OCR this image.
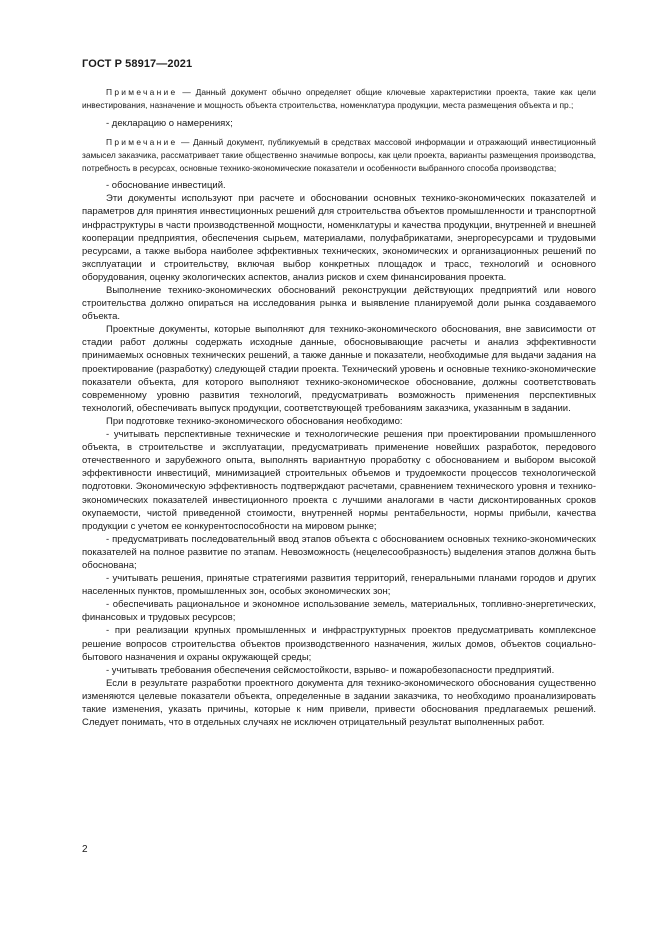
ГОСТ Р 58917—2021

Примечание — Данный документ обычно определяет общие ключевые характеристики проекта, такие как цели инвестирования, назначение и мощность объекта строительства, номенклатура продукции, места размещения объекта и пр.;

- декларацию о намерениях;

Примечание — Данный документ, публикуемый в средствах массовой информации и отражающий инвестиционный замысел заказчика, рассматривает такие общественно значимые вопросы, как цели проекта, варианты размещения производства, потребность в ресурсах, основные технико-экономические показатели и особенности выбранного способа производства;

- обоснование инвестиций.

Эти документы используют при расчете и обосновании основных технико-экономических показателей и параметров для принятия инвестиционных решений для строительства объектов промышленности и транспортной инфраструктуры в части производственной мощности, номенклатуры и качества продукции, внутренней и внешней кооперации предприятия, обеспечения сырьем, материалами, полуфабрикатами, энергоресурсами и трудовыми ресурсами, а также выбора наиболее эффективных технических, экономических и организационных решений по эксплуатации и строительству, включая выбор конкретных площадок и трасс, технологий и основного оборудования, оценку экологических аспектов, анализ рисков и схем финансирования проекта.

Выполнение технико-экономических обоснований реконструкции действующих предприятий или нового строительства должно опираться на исследования рынка и выявление планируемой доли рынка создаваемого объекта.

Проектные документы, которые выполняют для технико-экономического обоснования, вне зависимости от стадии работ должны содержать исходные данные, обосновывающие расчеты и анализ эффективности принимаемых основных технических решений, а также данные и показатели, необходимые для выдачи задания на проектирование (разработку) следующей стадии проекта. Технический уровень и основные технико-экономические показатели объекта, для которого выполняют технико-экономическое обоснование, должны соответствовать современному уровню развития технологий, предусматривать возможность применения перспективных технологий, обеспечивать выпуск продукции, соответствующей требованиям заказчика, указанным в задании.

При подготовке технико-экономического обоснования необходимо:

- учитывать перспективные технические и технологические решения при проектировании промышленного объекта, в строительстве и эксплуатации, предусматривать применение новейших разработок, передового отечественного и зарубежного опыта, выполнять вариантную проработку с обоснованием и выбором высокой эффективности инвестиций, минимизацией строительных объемов и трудоемкости процессов технологической подготовки. Экономическую эффективность подтверждают расчетами, сравнением технического уровня и технико-экономических показателей инвестиционного проекта с лучшими аналогами в части дисконтированных сроков окупаемости, чистой приведенной стоимости, внутренней нормы рентабельности, нормы прибыли, качества продукции с учетом ее конкурентоспособности на мировом рынке;

- предусматривать последовательный ввод этапов объекта с обоснованием основных технико-экономических показателей на полное развитие по этапам. Невозможность (нецелесообразность) выделения этапов должна быть обоснована;

- учитывать решения, принятые стратегиями развития территорий, генеральными планами городов и других населенных пунктов, промышленных зон, особых экономических зон;

- обеспечивать рациональное и экономное использование земель, материальных, топливно-энергетических, финансовых и трудовых ресурсов;

- при реализации крупных промышленных и инфраструктурных проектов предусматривать комплексное решение вопросов строительства объектов производственного назначения, жилых домов, объектов социально-бытового назначения и охраны окружающей среды;

- учитывать требования обеспечения сейсмостойкости, взрыво- и пожаробезопасности предприятий.

Если в результате разработки проектного документа для технико-экономического обоснования существенно изменяются целевые показатели объекта, определенные в задании заказчика, то необходимо проанализировать такие изменения, указать причины, которые к ним привели, привести обоснования предлагаемых решений. Следует понимать, что в отдельных случаях не исключен отрицательный результат выполненных работ.

2
